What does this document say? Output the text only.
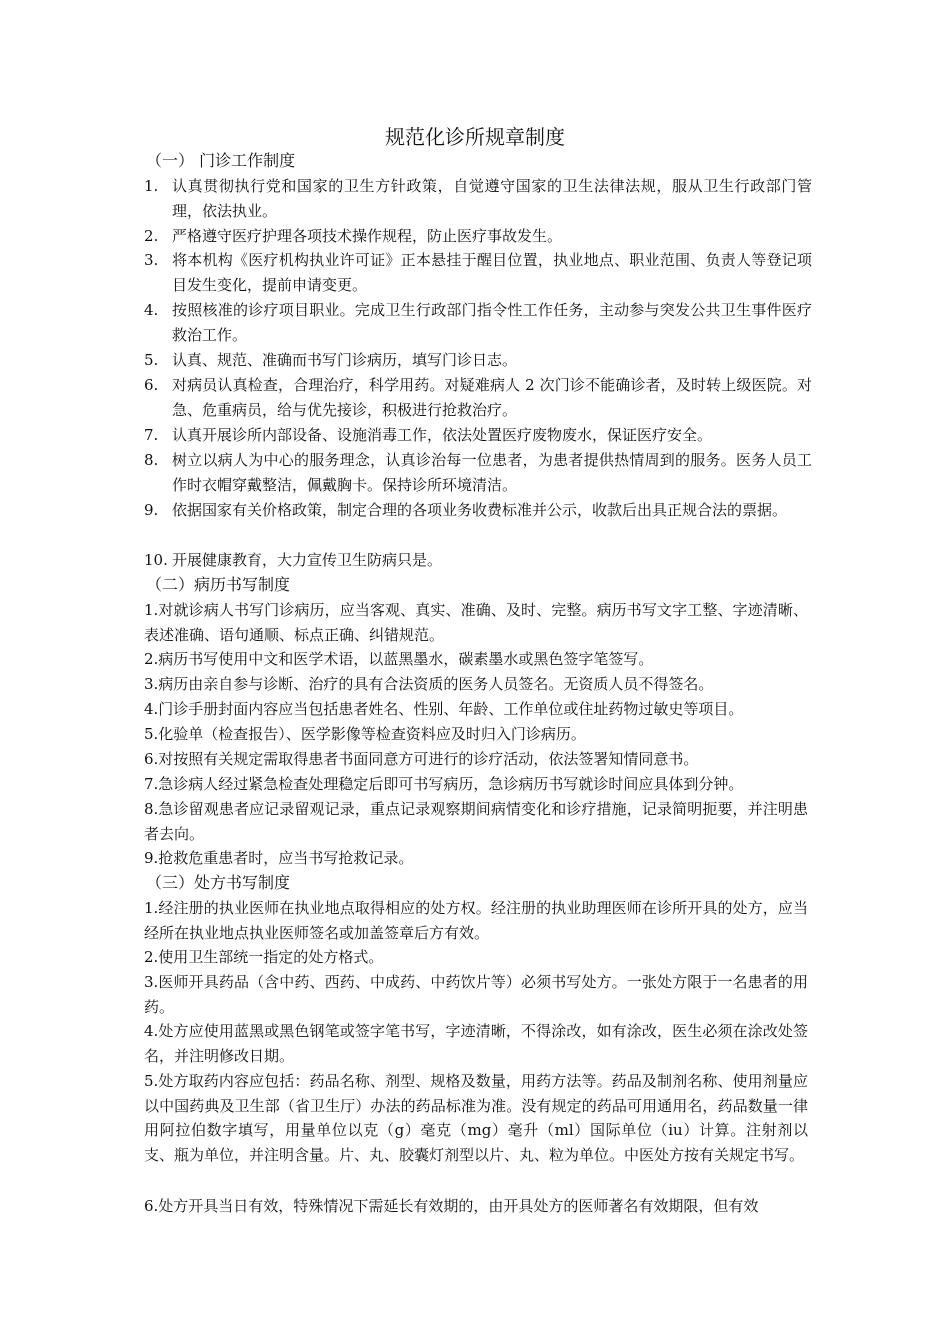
规范化诊所规章制度
（一） 门诊工作制度
1. 认真贯彻执行党和国家的卫生方针政策，自觉遵守国家的卫生法律法规，服从卫生行政部门管理，依法执业。
2. 严格遵守医疗护理各项技术操作规程，防止医疗事故发生。
3. 将本机构《医疗机构执业许可证》正本悬挂于醒目位置，执业地点、职业范围、负责人等登记项目发生变化，提前申请变更。
4. 按照核准的诊疗项目职业。完成卫生行政部门指令性工作任务，主动参与突发公共卫生事件医疗救治工作。
5. 认真、规范、准确而书写门诊病历，填写门诊日志。
6. 对病员认真检查，合理治疗，科学用药。对疑难病人 2 次门诊不能确诊者，及时转上级医院。对急、危重病员，给与优先接诊，积极进行抢救治疗。
7. 认真开展诊所内部设备、设施消毒工作，依法处置医疗废物废水，保证医疗安全。
8. 树立以病人为中心的服务理念，认真诊治每一位患者，为患者提供热情周到的服务。医务人员工作时衣帽穿戴整洁，佩戴胸卡。保持诊所环境清洁。
9. 依据国家有关价格政策，制定合理的各项业务收费标准并公示，收款后出具正规合法的票据。
10. 开展健康教育，大力宣传卫生防病只是。
（二）病历书写制度
1.对就诊病人书写门诊病历，应当客观、真实、准确、及时、完整。病历书写文字工整、字迹清晰、表述准确、语句通顺、标点正确、纠错规范。
2.病历书写使用中文和医学术语，以蓝黑墨水，碳素墨水或黑色签字笔签写。
3.病历由亲自参与诊断、治疗的具有合法资质的医务人员签名。无资质人员不得签名。
4.门诊手册封面内容应当包括患者姓名、性别、年龄、工作单位或住址药物过敏史等项目。
5.化验单（检查报告）、医学影像等检查资料应及时归入门诊病历。
6.对按照有关规定需取得患者书面同意方可进行的诊疗活动，依法签署知情同意书。
7.急诊病人经过紧急检查处理稳定后即可书写病历，急诊病历书写就诊时间应具体到分钟。
8.急诊留观患者应记录留观记录，重点记录观察期间病情变化和诊疗措施，记录简明扼要，并注明患者去向。
9.抢救危重患者时，应当书写抢救记录。
（三）处方书写制度
1.经注册的执业医师在执业地点取得相应的处方权。经注册的执业助理医师在诊所开具的处方，应当经所在执业地点执业医师签名或加盖签章后方有效。
2.使用卫生部统一指定的处方格式。
3.医师开具药品（含中药、西药、中成药、中药饮片等）必须书写处方。一张处方限于一名患者的用药。
4.处方应使用蓝黑或黑色钢笔或签字笔书写，字迹清晰，不得涂改，如有涂改，医生必须在涂改处签名，并注明修改日期。
5.处方取药内容应包括：药品名称、剂型、规格及数量，用药方法等。药品及制剂名称、使用剂量应以中国药典及卫生部（省卫生厅）办法的药品标准为准。没有规定的药品可用通用名，药品数量一律用阿拉伯数字填写，用量单位以克（g）毫克（mg）毫升（ml）国际单位（iu）计算。注射剂以支、瓶为单位，并注明含量。片、丸、胶囊灯剂型以片、丸、粒为单位。中医处方按有关规定书写。
6.处方开具当日有效，特殊情况下需延长有效期的，由开具处方的医师著名有效期限，但有效
